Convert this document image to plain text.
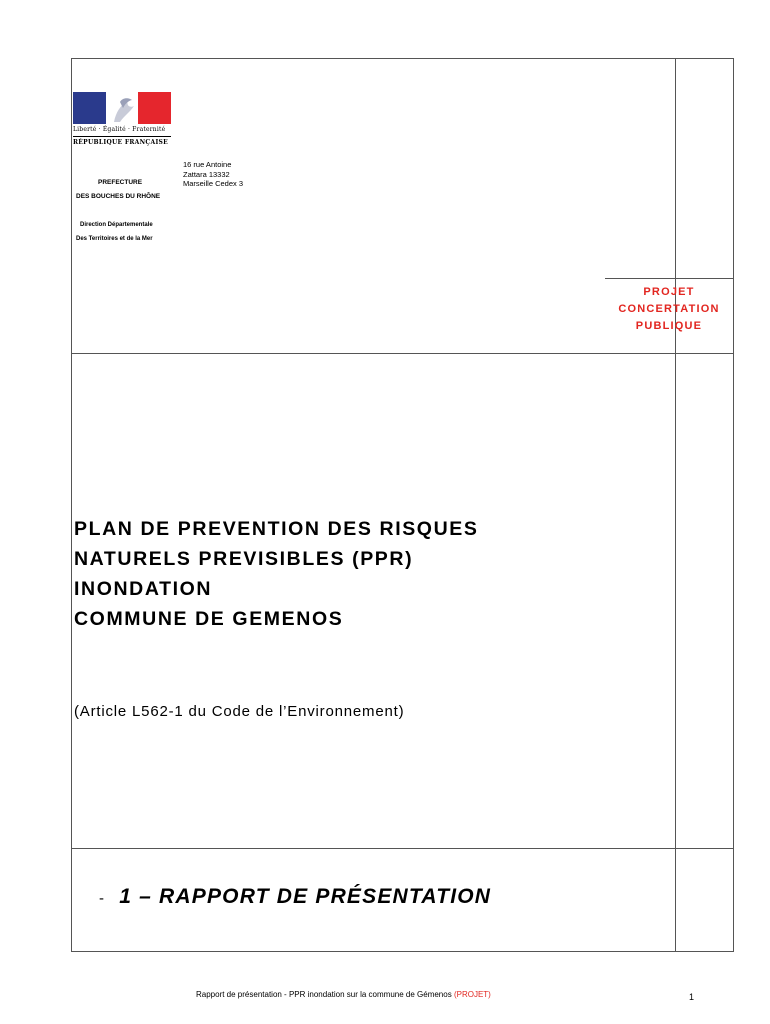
Liberté · Égalité · Fraternité
RÉPUBLIQUE FRANÇAISE
PREFECTURE
DES BOUCHES DU RHÔNE
16 rue Antoine
Zattara 13332
Marseille Cedex 3
Direction Départementale
Des Territoires et de la Mer
PLAN DE PREVENTION DES RISQUES
NATURELS PREVISIBLES (PPR)
INONDATION
COMMUNE DE GEMENOS
(Article L562-1 du Code de l’Environnement)
- 1 – RAPPORT DE PRÉSENTATION
PROJET
CONCERTATION
PUBLIQUE
Rapport de présentation - PPR inondation sur la commune de Gémenos (PROJET)	1
